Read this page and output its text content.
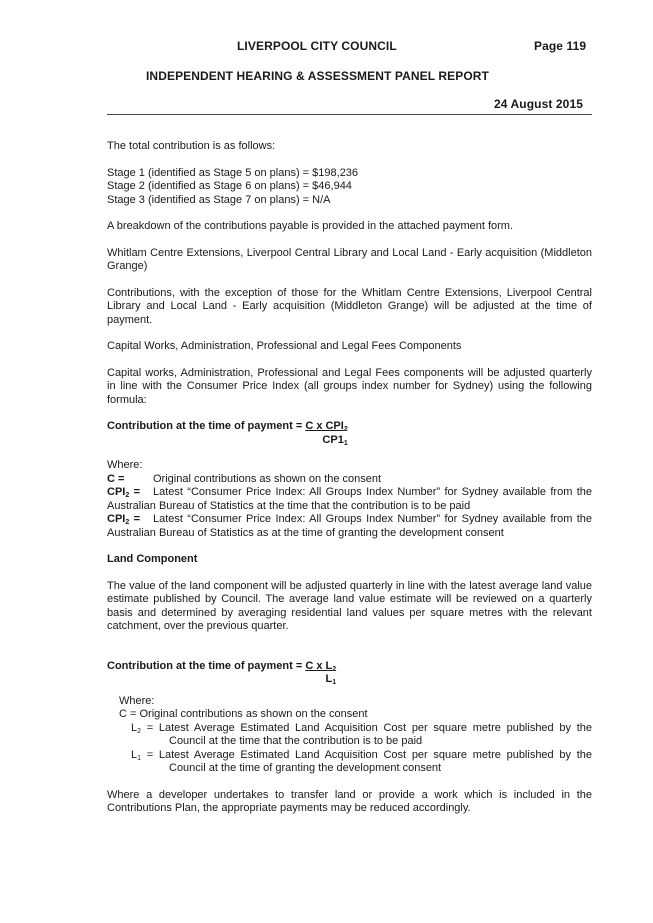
LIVERPOOL CITY COUNCIL	Page 119
INDEPENDENT HEARING & ASSESSMENT PANEL REPORT
24 August 2015

The total contribution is as follows:

Stage 1 (identified as Stage 5 on plans) = $198,236

Stage 2 (identified as Stage 6 on plans) = $46,944

Stage 3 (identified as Stage 7 on plans) = N/A

A breakdown of the contributions payable is provided in the attached payment form.

Whitlam Centre Extensions, Liverpool Central Library and Local Land - Early acquisition (Middleton Grange)

Contributions, with the exception of those for the Whitlam Centre Extensions, Liverpool Central Library and Local Land - Early acquisition (Middleton Grange) will be adjusted at the time of payment.

Capital Works, Administration, Professional and Legal Fees Components

Capital works, Administration, Professional and Legal Fees components will be adjusted quarterly in line with the Consumer Price Index (all groups index number for Sydney) using the following formula:

Contribution at the time of payment = $\frac{C x CPI_2}{CP1_1}$

Where:

C =	Original contributions as shown on the consent
$CPI_2$ = Latest “Consumer Price Index: All Groups Index Number” for Sydney available from the Australian Bureau of Statistics at the time that the contribution is to be paid
$CPI_2$ = Latest “Consumer Price Index: All Groups Index Number” for Sydney available from the Australian Bureau of Statistics as at the time of granting the development consent

Land Component

The value of the land component will be adjusted quarterly in line with the latest average land value estimate published by Council. The average land value estimate will be reviewed on a quarterly basis and determined by averaging residential land values per square metres with the relevant catchment, over the previous quarter.

Contribution at the time of payment = $\frac{C x L_2}{L_1}$

Where:

C = Original contributions as shown on the consent

$L_2$ = Latest Average Estimated Land Acquisition Cost per square metre published by the Council at the time that the contribution is to be paid

$L_1$ = Latest Average Estimated Land Acquisition Cost per square metre published by the Council at the time of granting the development consent

Where a developer undertakes to transfer land or provide a work which is included in the Contributions Plan, the appropriate payments may be reduced accordingly.
